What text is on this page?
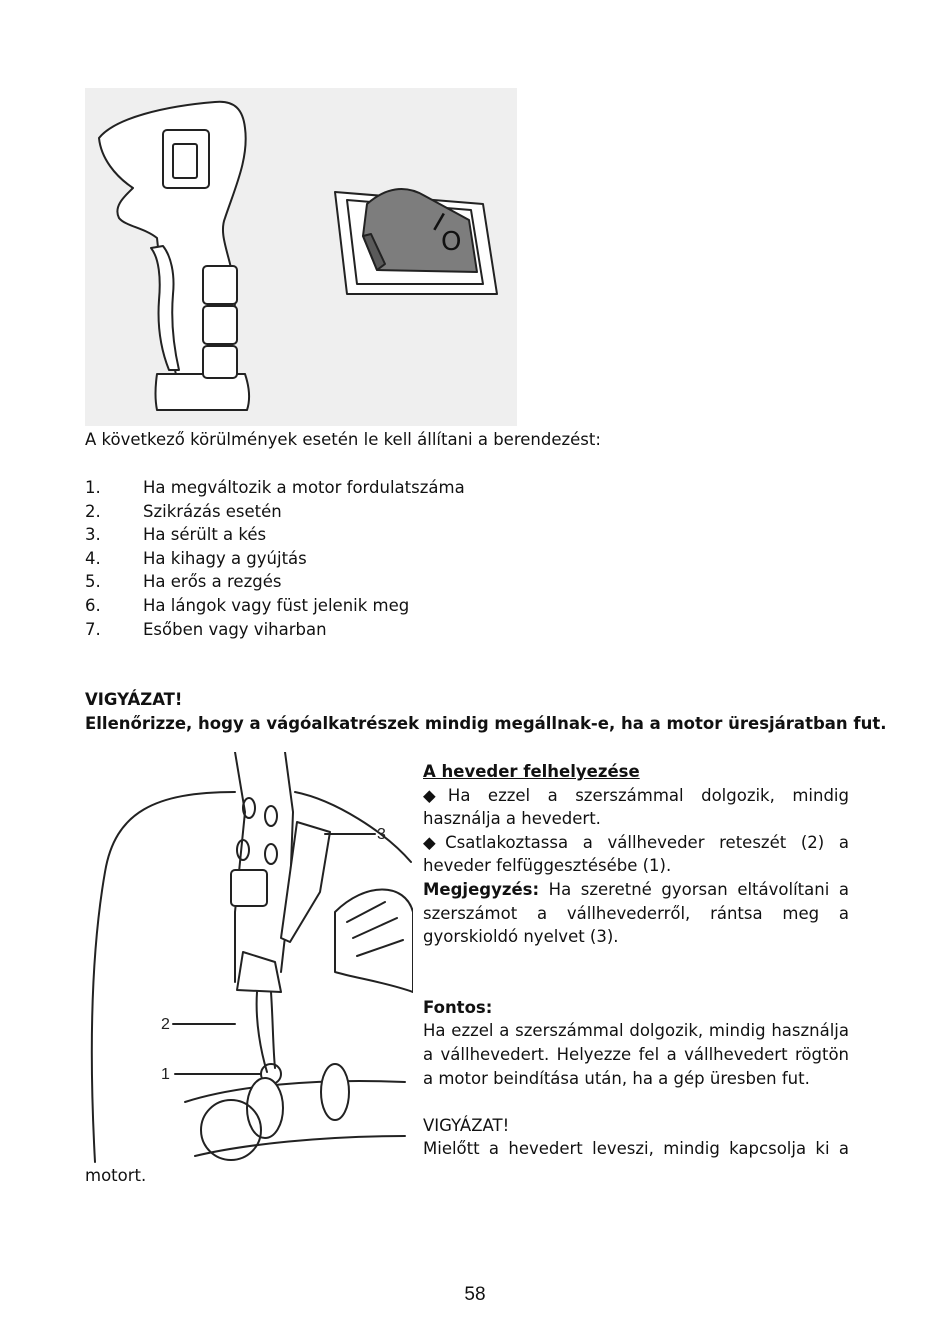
I
O
A következő körülmények esetén le kell állítani a berendezést:
1.	Ha megváltozik a motor fordulatszáma
2.	Szikrázás esetén
3.	Ha sérült a kés
4.	Ha kihagy a gyújtás
5.	Ha erős a rezgés
6.	Ha lángok vagy füst jelenik meg
7.	Esőben vagy viharban
VIGYÁZAT!
Ellenőrizze, hogy a vágóalkatrészek mindig megállnak-e, ha a motor üresjáratban fut.
2
1
3
A heveder felhelyezése
◆Ha ezzel a szerszámmal dolgozik, mindig használja a hevedert.
◆Csatlakoztassa a vállheveder reteszét (2) a heveder felfüggesztésébe (1).
Megjegyzés: Ha szeretné gyorsan eltávolítani a szerszámot a vállhevederről, rántsa meg a gyorskioldó nyelvet (3).
Fontos:
Ha ezzel a szerszámmal dolgozik, mindig használja a vállhevedert. Helyezze fel a vállhevedert rögtön a motor beindítása után, ha a gép üresben fut.
VIGYÁZAT!
Mielőtt a hevedert leveszi, mindig kapcsolja ki a
motort.
58
